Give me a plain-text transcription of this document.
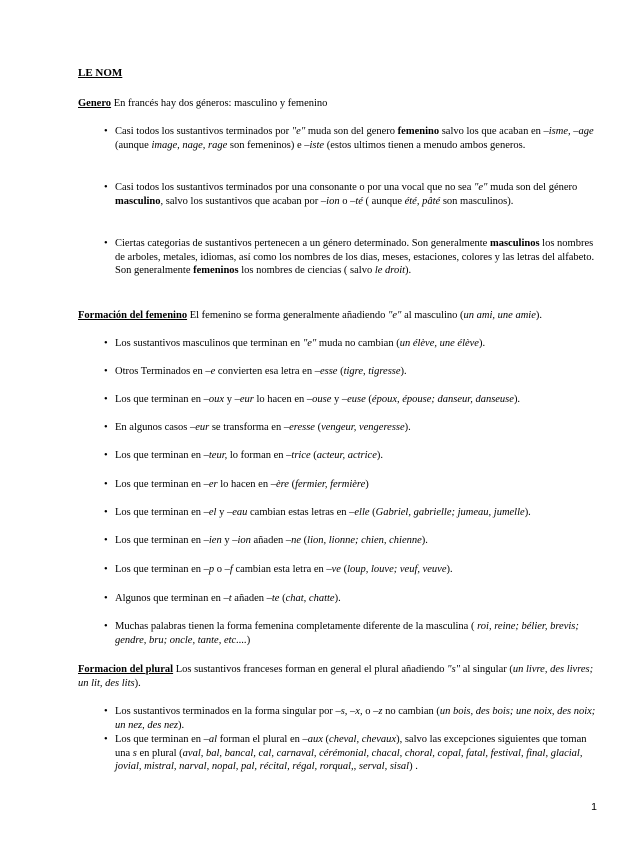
LE NOM
Genero En francés hay dos géneros: masculino y femenino
• Casi todos los sustantivos terminados por "e" muda son del genero femenino salvo los que acaban en –isme, –age (aunque image, nage, rage son femeninos) e –iste (estos ultimos tienen a menudo ambos generos.
• Casi todos los sustantivos terminados por una consonante o por una vocal que no sea "e" muda son del género masculino, salvo los sustantivos que acaban por –ion o –té ( aunque été, pâté son masculinos).
• Ciertas categorias de sustantivos pertenecen a un género determinado. Son generalmente masculinos los nombres de arboles, metales, idiomas, así como los nombres de los dias, meses, estaciones, colores y las letras del alfabeto. Son generalmente femeninos los nombres de ciencias ( salvo le droit).
Formación del femenino El femenino se forma generalmente añadiendo "e" al masculino (un ami, une amie).
• Los sustantivos masculinos que terminan en "e" muda no cambian (un élève, une élève).
• Otros Terminados en –e convierten esa letra en –esse (tigre, tigresse).
• Los que terminan en –oux y –eur lo hacen en –ouse y –euse (époux, épouse; danseur, danseuse).
• En algunos casos –eur se transforma en –eresse (vengeur, vengeresse).
• Los que terminan en –teur, lo forman en –trice (acteur, actrice).
• Los que terminan en –er lo hacen en –ère (fermier, fermière)
• Los que terminan en –el y –eau cambian estas letras en –elle (Gabriel, gabrielle; jumeau, jumelle).
• Los que terminan en –ien y –ion añaden –ne (lion, lionne; chien, chienne).
• Los que terminan en –p o –f cambian esta letra en –ve (loup, louve; veuf, veuve).
• Algunos que terminan en –t añaden –te (chat, chatte).
• Muchas palabras tienen la forma femenina completamente diferente de la masculina ( roi, reine; bélier, brevis; gendre, bru; oncle, tante, etc....)
Formacion del plural Los sustantivos franceses forman en general el plural añadiendo "s" al singular (un livre, des livres; un lit, des lits).
• Los sustantivos terminados en la forma singular por –s, –x, o –z no cambian (un bois, des bois; une noix, des noix; un nez, des nez).
• Los que terminan en –al forman el plural en –aux (cheval, chevaux), salvo las excepciones siguientes que toman una s en plural (aval, bal, bancal, cal, carnaval, cérémonial, chacal, choral, copal, fatal, festival, final, glacial, jovial, mistral, narval, nopal, pal, récital, régal, rorqual,, serval, sisal) .
1
